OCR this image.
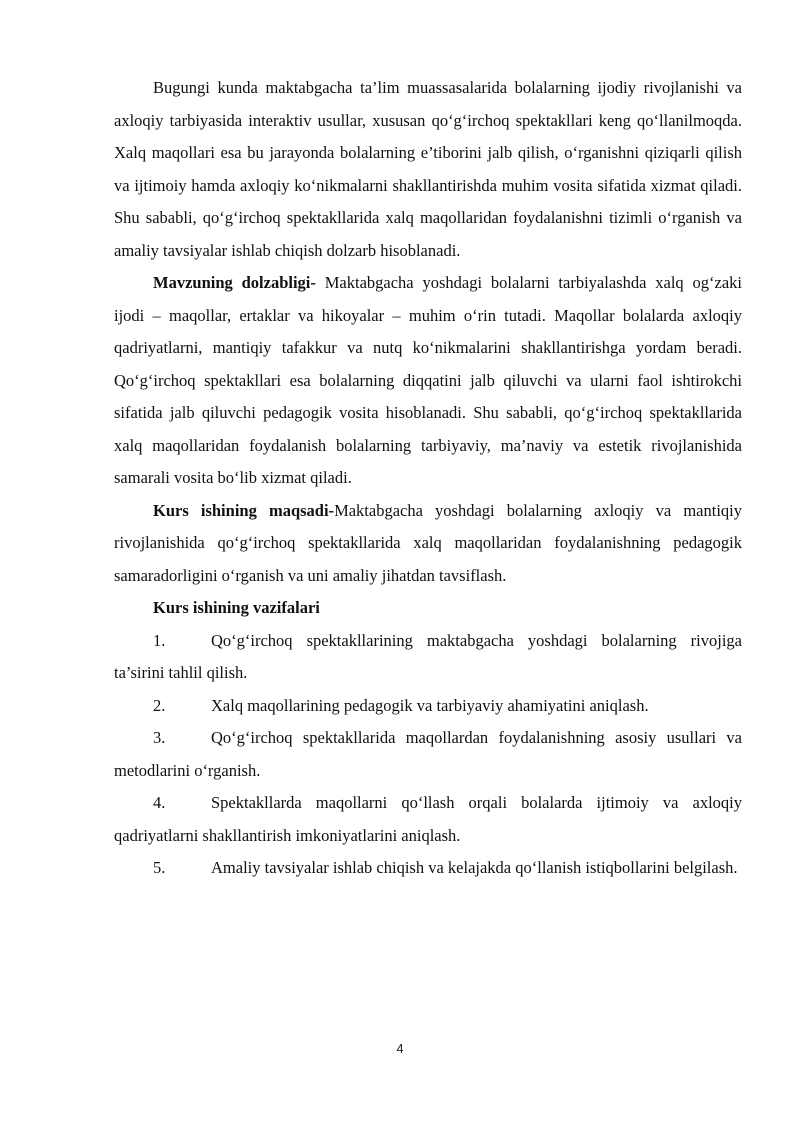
Bugungi kunda maktabgacha ta’lim muassasalarida bolalarning ijodiy rivojlanishi va axloqiy tarbiyasida interaktiv usullar, xususan qo‘g‘irchoq spektakllari keng qo‘llanilmoqda. Xalq maqollari esa bu jarayonda bolalarning e’tiborini jalb qilish, o‘rganishni qiziqarli qilish va ijtimoiy hamda axloqiy ko‘nikmalarni shakllantirishda muhim vosita sifatida xizmat qiladi. Shu sababli, qo‘g‘irchoq spektakllarida xalq maqollaridan foydalanishni tizimli o‘rganish va amaliy tavsiyalar ishlab chiqish dolzarb hisoblanadi.

Mavzuning dolzabligi- Maktabgacha yoshdagi bolalarni tarbiyalashda xalq og‘zaki ijodi – maqollar, ertaklar va hikoyalar – muhim o‘rin tutadi. Maqollar bolalarda axloqiy qadriyatlarni, mantiqiy tafakkur va nutq ko‘nikmalarini shakllantirishga yordam beradi. Qo‘g‘irchoq spektakllari esa bolalarning diqqatini jalb qiluvchi va ularni faol ishtirokchi sifatida jalb qiluvchi pedagogik vosita hisoblanadi. Shu sababli, qo‘g‘irchoq spektakllarida xalq maqollaridan foydalanish bolalarning tarbiyaviy, ma’naviy va estetik rivojlanishida samarali vosita bo‘lib xizmat qiladi.

Kurs ishining maqsadi-Maktabgacha yoshdagi bolalarning axloqiy va mantiqiy rivojlanishida qo‘g‘irchoq spektakllarida xalq maqollaridan foydalanishning pedagogik samaradorligini o‘rganish va uni amaliy jihatdan tavsiflash.

Kurs ishining vazifalari

1.	Qo‘g‘irchoq spektakllarining maktabgacha yoshdagi bolalarning rivojiga ta’sirini tahlil qilish.

2.	Xalq maqollarining pedagogik va tarbiyaviy ahamiyatini aniqlash.

3.	Qo‘g‘irchoq spektakllarida maqollardan foydalanishning asosiy usullari va metodlarini o‘rganish.

4.	Spektakllarda maqollarni qo‘llash orqali bolalarda ijtimoiy va axloqiy qadriyatlarni shakllantirish imkoniyatlarini aniqlash.

5.	Amaliy tavsiyalar ishlab chiqish va kelajakda qo‘llanish istiqbollarini belgilash.

4
